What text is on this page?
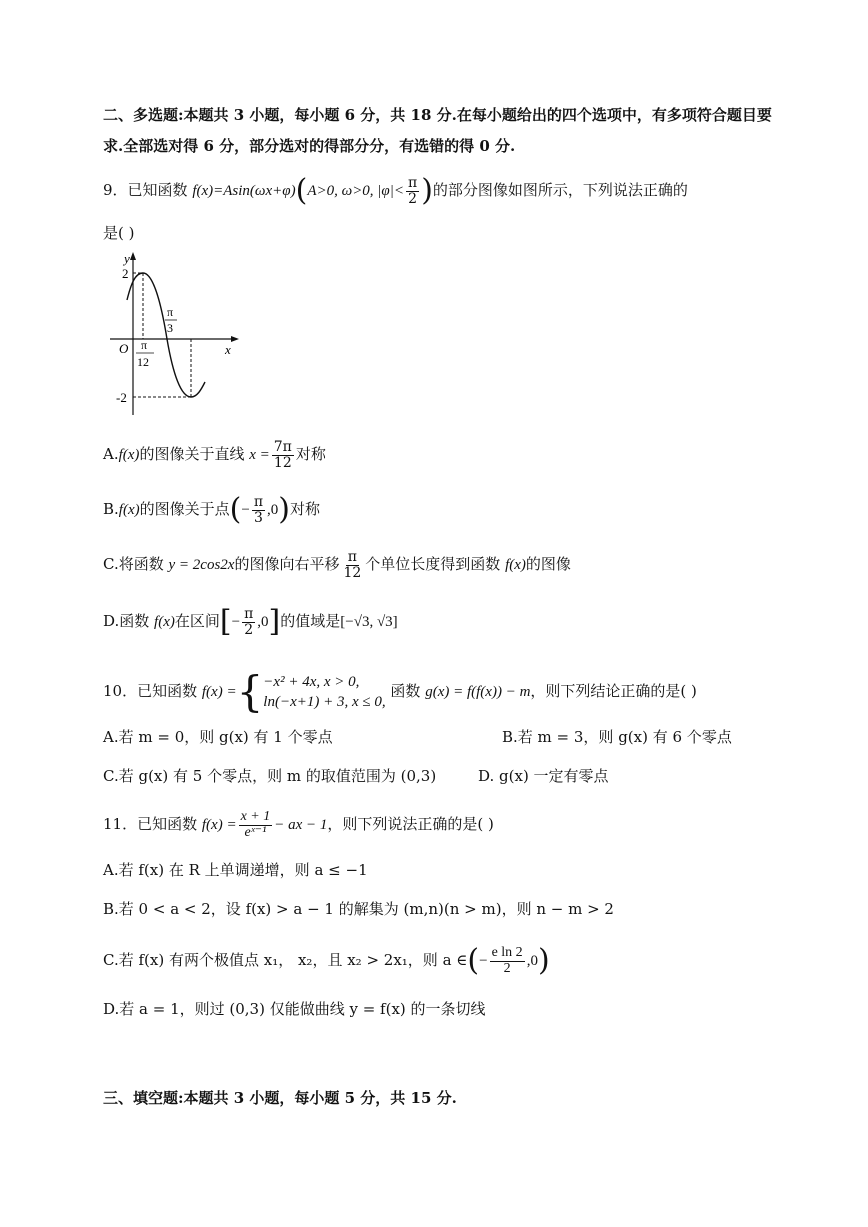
二、多选题:本题共 3 小题，每小题 6 分，共 18 分.在每小题给出的四个选项中，有多项符合题目要
求.全部选对得 6 分，部分选对的得部分分，有选错的得 0 分.
9．已知函数 f(x)=Asin(ωx+φ)(A>0, ω>0, $|\varphi|< \frac{\pi}{2}$ )的部分图像如图所示，下列说法正确的
是( )
y
x
O
2
-2
π
3
π
12
A.f(x)的图像关于直线 $x = \frac{7\pi}{12}$ 对称
B.f(x)的图像关于点(− $\frac{\pi}{3} ,0$)对称
C.将函数 y = 2cos2x的图像向右平移 $\frac{\pi}{12}$ 个单位长度得到函数 f(x)的图像
D.函数 f(x)在区间[− $\frac{\pi}{2} ,0$]的值域是[−√3, √3]
10．已知函数 f(x) ={ −x² + 4x, x > 0,
ln(−x+1) + 3, x ≤ 0,
函数 g(x) = f(f(x)) − m，则下列结论正确的是( )
A.若 m = 0，则 g(x) 有 1 个零点	B.若 m = 3，则 g(x) 有 6 个零点
C.若 g(x) 有 5 个零点，则 m 的取值范围为 (0,3)	D. g(x) 一定有零点
11．已知函数 $f(x) = \frac{x + 1}{\text{eˣ⁻¹}}$ − ax − 1，则下列说法正确的是( )
A.若 f(x) 在 R 上单调递增，则 a ≤ −1
B.若 0 < a < 2，设 f(x) > a − 1 的解集为 (m,n)(n > m)，则 n − m > 2
C.若 f(x) 有两个极值点 x₁， x₂，且 x₂ > 2x₁，则 a ∈(− $\frac{\text{e ln 2}}{2} ,0$)
D.若 a = 1，则过 (0,3) 仅能做曲线 y = f(x) 的一条切线
三、填空题:本题共 3 小题，每小题 5 分，共 15 分.
